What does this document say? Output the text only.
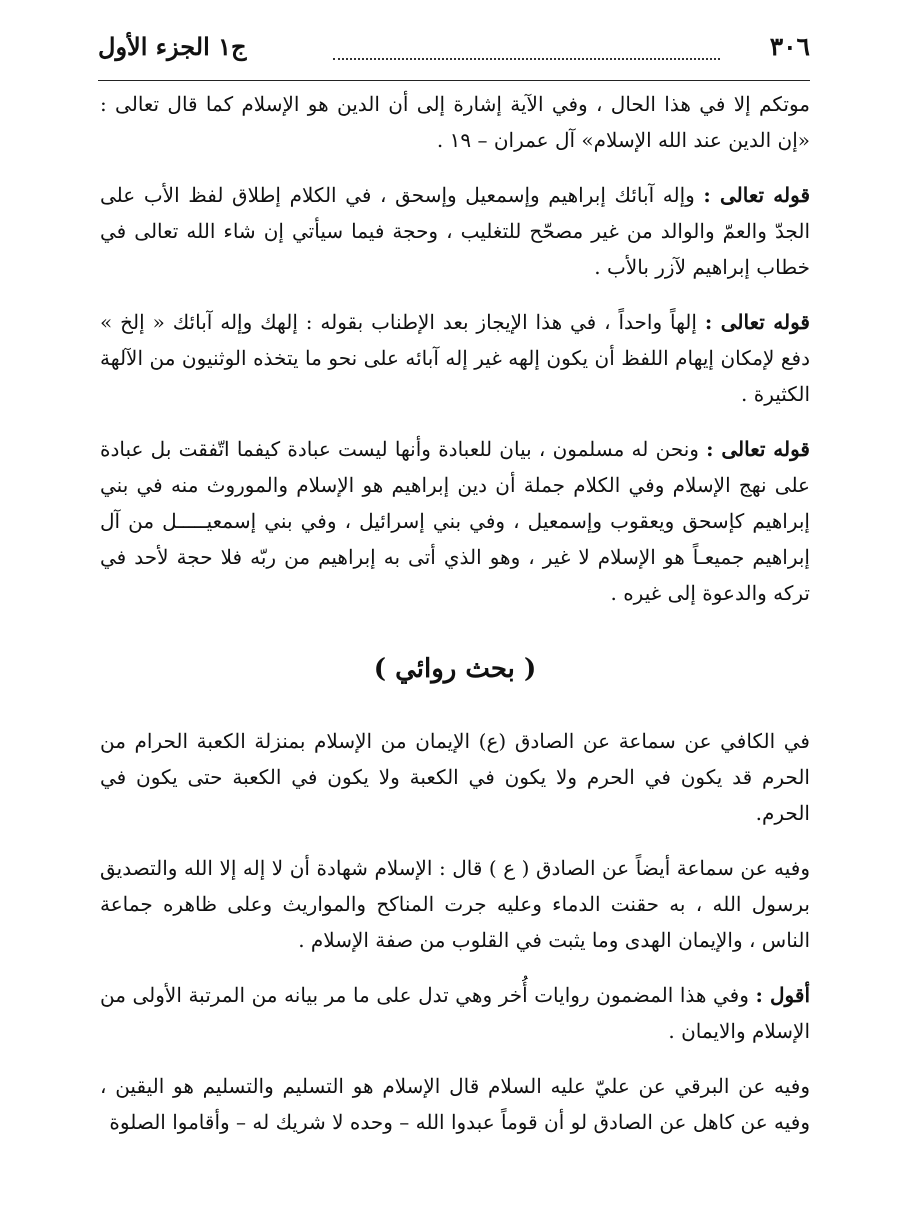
٣٠٦
ج١ الجزء الأول

موتكم إلا في هذا الحال ، وفي الآية إشارة إلى أن الدين هو الإسلام كما قال تعالى : «إن الدين عند الله الإسلام» آل عمران – ١٩ .

قوله تعالى : وإله آبائك إبراهيم وإسمعيل وإسحق ، في الكلام إطلاق لفظ الأب على الجدّ والعمّ والوالد من غير مصحّح للتغليب ، وحجة فيما سيأتي إن شاء الله تعالى في خطاب إبراهيم لآزر بالأب .

قوله تعالى : إلهاً واحداً ، في هذا الإيجاز بعد الإطناب بقوله : إلهك وإله آبائك « إلخ » دفع لإمكان إيهام اللفظ أن يكون إلهه غير إله آبائه على نحو ما يتخذه الوثنيون من الآلهة الكثيرة .

قوله تعالى : ونحن له مسلمون ، بيان للعبادة وأنها ليست عبادة كيفما اتّفقت بل عبادة على نهج الإسلام وفي الكلام جملة أن دين إبراهيم هو الإسلام والموروث منه في بني إبراهيم كإسحق ويعقوب وإسمعيل ، وفي بني إسرائيل ، وفي بني إسمعيـــــل من آل إبراهيم جميعـاً هو الإسلام لا غير ، وهو الذي أتى به إبراهيم من ربّه فلا حجة لأحد في تركه والدعوة إلى غيره .

( بحث روائي )

في الكافي عن سماعة عن الصادق (ع) الإيمان من الإسلام بمنزلة الكعبة الحرام من الحرم قد يكون في الحرم ولا يكون في الكعبة ولا يكون في الكعبة حتى يكون في الحرم.

وفيه عن سماعة أيضاً عن الصادق ( ع ) قال : الإسلام شهادة أن لا إله إلا الله والتصديق برسول الله ، به حقنت الدماء وعليه جرت المناكح والمواريث وعلى ظاهره جماعة الناس ، والإيمان الهدى وما يثبت في القلوب من صفة الإسلام .

أقول : وفي هذا المضمون روايات أُخر وهي تدل على ما مر بيانه من المرتبة الأولى من الإسلام والايمان .

وفيه عن البرقي عن عليّ عليه السلام قال الإسلام هو التسليم والتسليم هو اليقين ، وفيه عن كاهل عن الصادق لو أن قوماً عبدوا الله – وحده لا شريك له – وأقاموا الصلوة
